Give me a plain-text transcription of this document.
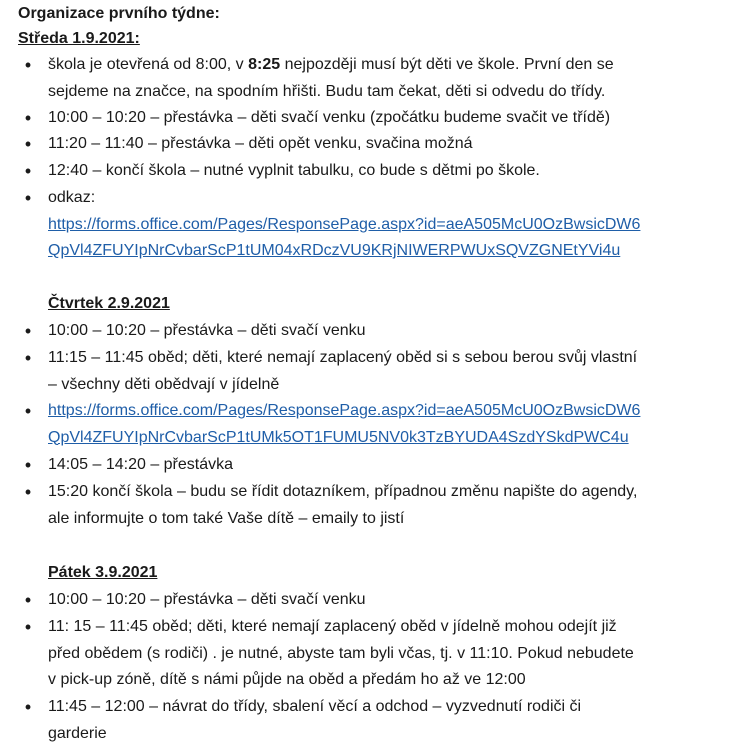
Organizace prvního týdne:
Středa 1.9.2021:
•	škola je otevřená od 8:00, v 8:25 nejpozději musí být děti ve škole. První den se
sejdeme na značce, na spodním hřišti. Budu tam čekat, děti si odvedu do třídy.
•	10:00 – 10:20 – přestávka – děti svačí venku (zpočátku budeme svačit ve třídě)
•	11:20 – 11:40 – přestávka – děti opět venku, svačina možná
•	12:40 – končí škola – nutné vyplnit tabulku, co bude s dětmi po škole.
•	odkaz:
https://forms.office.com/Pages/ResponsePage.aspx?id=aeA505McU0OzBwsicDW6
QpVl4ZFUYIpNrCvbarScP1tUM04xRDczVU9KRjNIWERPWUxSQVZGNEtYVi4u
Čtvrtek 2.9.2021
•	10:00 – 10:20 – přestávka – děti svačí venku
•	11:15 – 11:45 oběd; děti, které nemají zaplacený oběd si s sebou berou svůj vlastní
– všechny děti obědvají v jídelně
•	https://forms.office.com/Pages/ResponsePage.aspx?id=aeA505McU0OzBwsicDW6
QpVl4ZFUYIpNrCvbarScP1tUMk5OT1FUMU5NV0k3TzBYUDA4SzdYSkdPWC4u
•	14:05 – 14:20 – přestávka
•	15:20 končí škola – budu se řídit dotazníkem, případnou změnu napište do agendy,
ale informujte o tom také Vaše dítě – emaily to jistí
Pátek 3.9.2021
•	10:00 – 10:20 – přestávka – děti svačí venku
•	11: 15 – 11:45 oběd; děti, které nemají zaplacený oběd v jídelně mohou odejít již
před obědem (s rodiči) . je nutné, abyste tam byli včas, tj. v 11:10. Pokud nebudete
v pick-up zóně, dítě s námi půjde na oběd a předám ho až ve 12:00
•	11:45 – 12:00 – návrat do třídy, sbalení věcí a odchod – vyzvednutí rodiči či
garderie
